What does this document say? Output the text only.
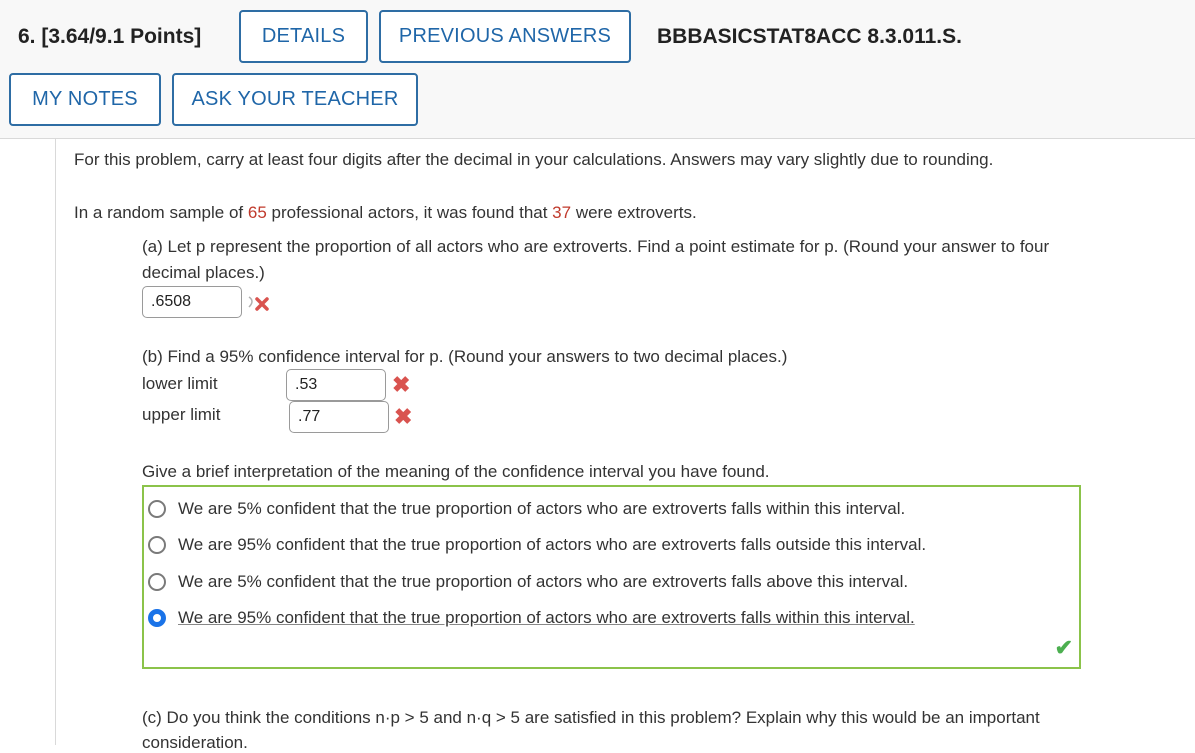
6. [3.64/9.1 Points]	DETAILS	PREVIOUS ANSWERS	BBBASICSTAT8ACC 8.3.011.S.
MY NOTES	ASK YOUR TEACHER
For this problem, carry at least four digits after the decimal in your calculations. Answers may vary slightly due to rounding.
In a random sample of 65 professional actors, it was found that 37 were extroverts.
(a) Let p represent the proportion of all actors who are extroverts. Find a point estimate for p. (Round your answer to four
decimal places.)
.6508
(b) Find a 95% confidence interval for p. (Round your answers to two decimal places.)
lower limit	.53	✖
upper limit	.77	✖
Give a brief interpretation of the meaning of the confidence interval you have found.
We are 5% confident that the true proportion of actors who are extroverts falls within this interval.
We are 95% confident that the true proportion of actors who are extroverts falls outside this interval.
We are 5% confident that the true proportion of actors who are extroverts falls above this interval.
We are 95% confident that the true proportion of actors who are extroverts falls within this interval.
✔
(c) Do you think the conditions n·p > 5 and n·q > 5 are satisfied in this problem? Explain why this would be an important
consideration.
